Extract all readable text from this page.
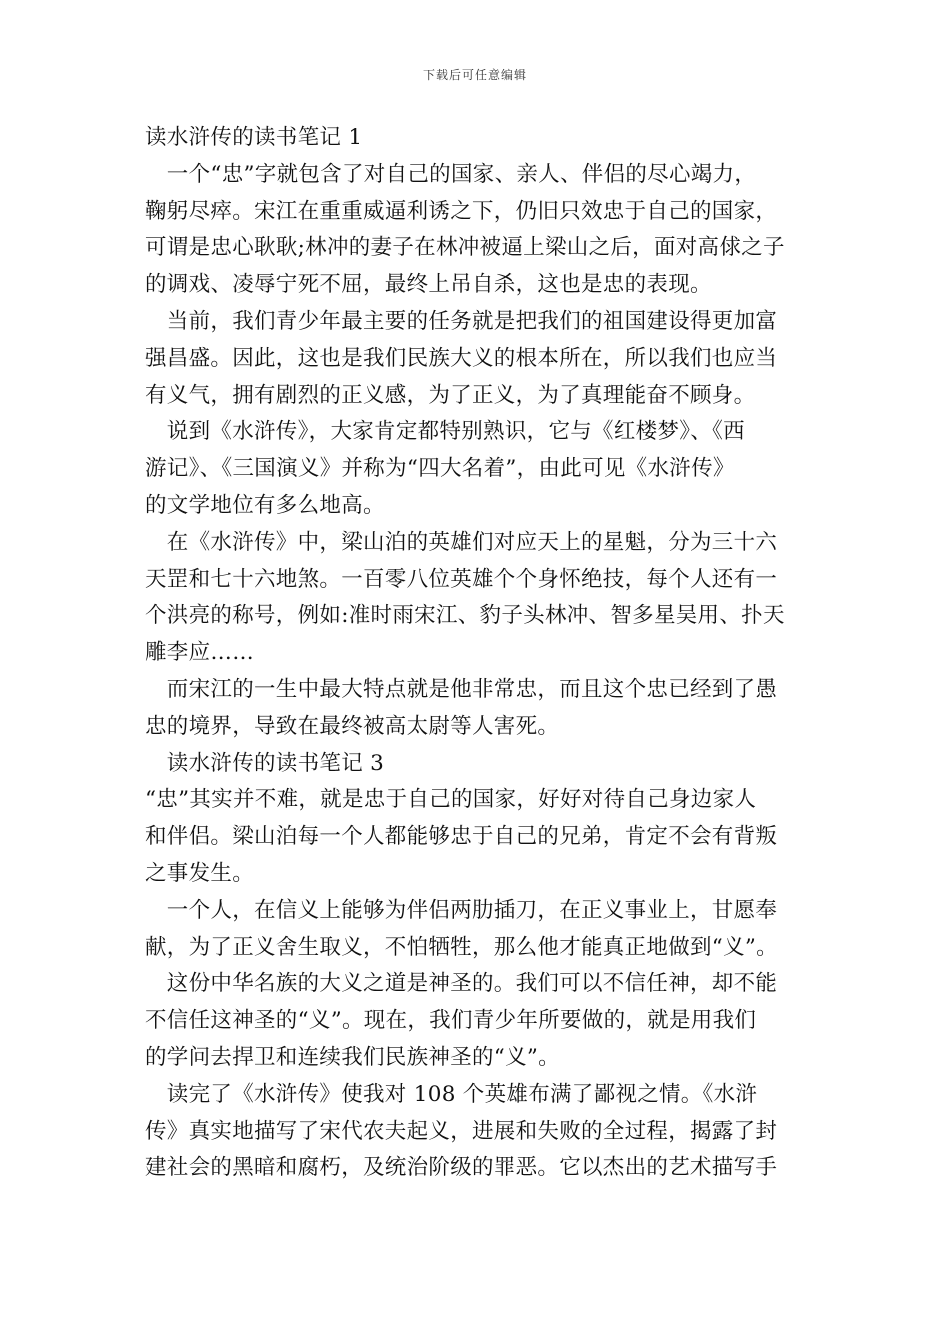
下载后可任意编辑
读水浒传的读书笔记 1
　一个“忠”字就包含了对自己的国家、亲人、伴侣的尽心竭力，
鞠躬尽瘁。宋江在重重威逼利诱之下，仍旧只效忠于自己的国家，
可谓是忠心耿耿;林冲的妻子在林冲被逼上梁山之后，面对高俅之子
的调戏、凌辱宁死不屈，最终上吊自杀，这也是忠的表现。
　当前，我们青少年最主要的任务就是把我们的祖国建设得更加富
强昌盛。因此，这也是我们民族大义的根本所在，所以我们也应当
有义气，拥有剧烈的正义感，为了正义，为了真理能奋不顾身。
　说到《水浒传》，大家肯定都特别熟识，它与《红楼梦》、《西
游记》、《三国演义》并称为“四大名着”，由此可见《水浒传》
的文学地位有多么地高。
　在《水浒传》中，梁山泊的英雄们对应天上的星魁，分为三十六
天罡和七十六地煞。一百零八位英雄个个身怀绝技，每个人还有一
个洪亮的称号，例如:准时雨宋江、豹子头林冲、智多星吴用、扑天
雕李应……
　而宋江的一生中最大特点就是他非常忠，而且这个忠已经到了愚
忠的境界，导致在最终被高太尉等人害死。
　读水浒传的读书笔记 3
“忠”其实并不难，就是忠于自己的国家，好好对待自己身边家人
和伴侣。梁山泊每一个人都能够忠于自己的兄弟，肯定不会有背叛
之事发生。
　一个人，在信义上能够为伴侣两肋插刀，在正义事业上，甘愿奉
献，为了正义舍生取义，不怕牺牲，那么他才能真正地做到“义”。
　这份中华名族的大义之道是神圣的。我们可以不信任神，却不能
不信任这神圣的“义”。现在，我们青少年所要做的，就是用我们
的学问去捍卫和连续我们民族神圣的“义”。
　读完了《水浒传》使我对 108 个英雄布满了鄙视之情。《水浒
传》真实地描写了宋代农夫起义，进展和失败的全过程，揭露了封
建社会的黑暗和腐朽，及统治阶级的罪恶。它以杰出的艺术描写手
